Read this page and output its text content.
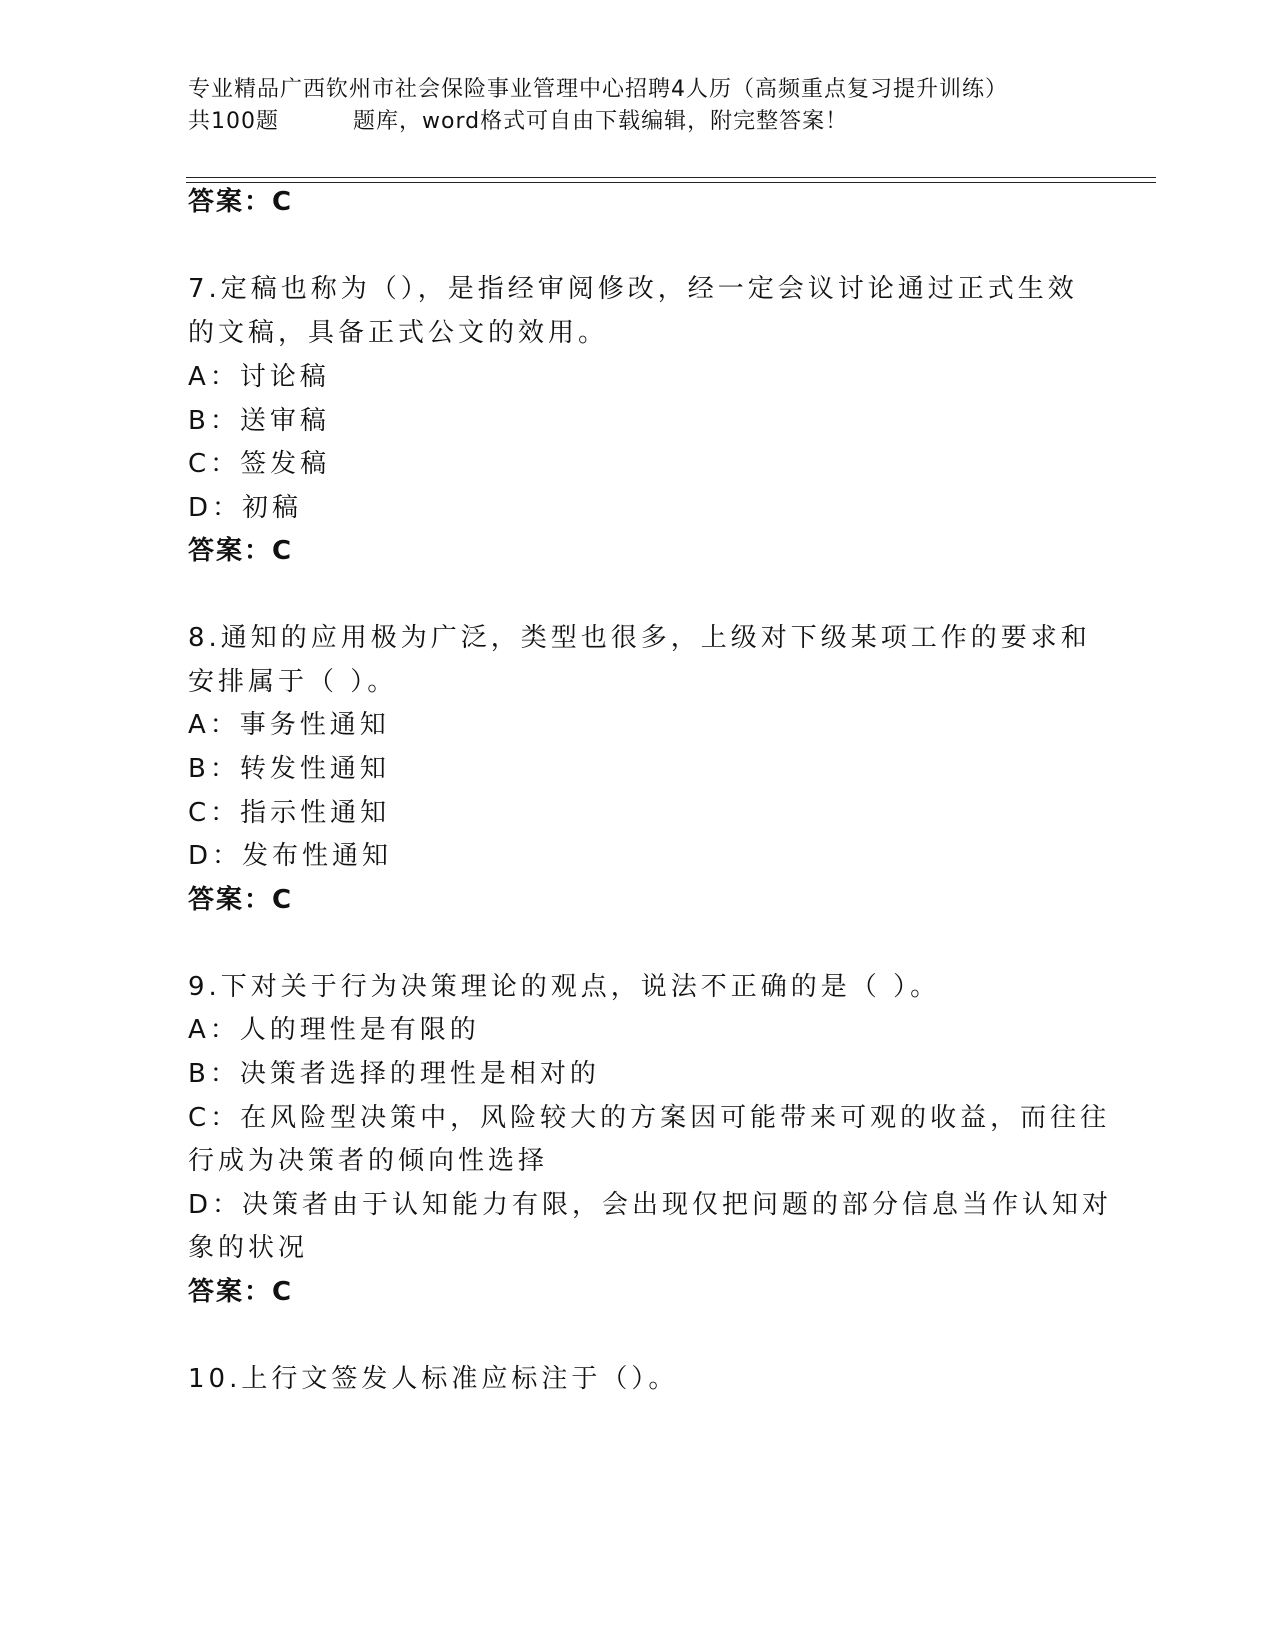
专业精品广西钦州市社会保险事业管理中心招聘4人历（高频重点复习提升训练）
共100题	题库，word格式可自由下载编辑，附完整答案！
答案：C
7.定稿也称为（），是指经审阅修改，经一定会议讨论通过正式生效
的文稿，具备正式公文的效用。
A：讨论稿
B：送审稿
C：签发稿
D：初稿
答案：C
8.通知的应用极为广泛，类型也很多，上级对下级某项工作的要求和
安排属于（ ）。
A：事务性通知
B：转发性通知
C：指示性通知
D：发布性通知
答案：C
9.下对关于行为决策理论的观点，说法不正确的是（ ）。
A：人的理性是有限的
B：决策者选择的理性是相对的
C：在风险型决策中，风险较大的方案因可能带来可观的收益，而往往
行成为决策者的倾向性选择
D：决策者由于认知能力有限，会出现仅把问题的部分信息当作认知对
象的状况
答案：C
10.上行文签发人标准应标注于（）。
